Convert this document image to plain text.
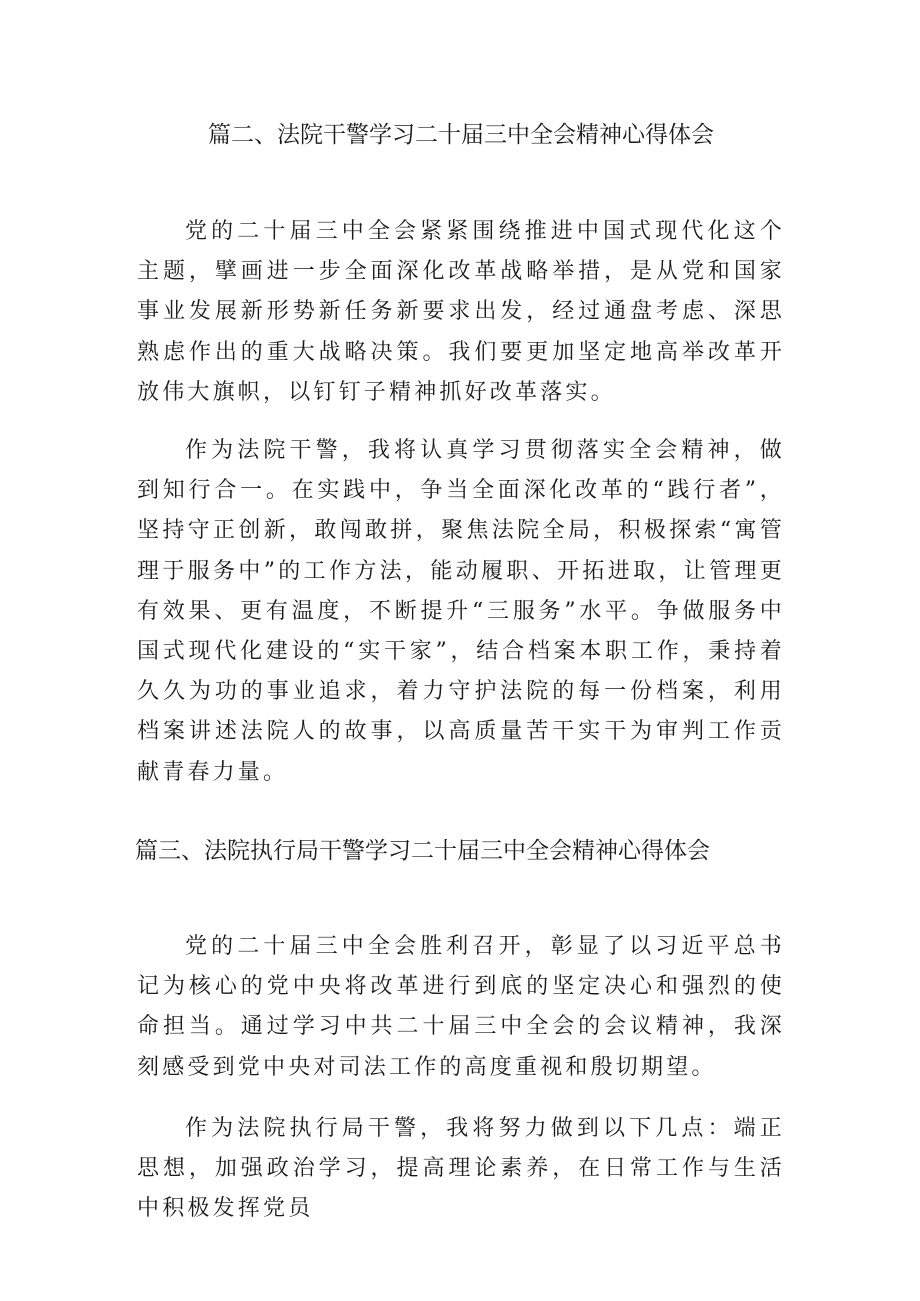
篇二、法院干警学习二十届三中全会精神心得体会

党的二十届三中全会紧紧围绕推进中国式现代化这个主题，擘画进一步全面深化改革战略举措，是从党和国家事业发展新形势新任务新要求出发，经过通盘考虑、深思熟虑作出的重大战略决策。我们要更加坚定地高举改革开放伟大旗帜，以钉钉子精神抓好改革落实。

作为法院干警，我将认真学习贯彻落实全会精神，做到知行合一。在实践中，争当全面深化改革的“践行者”，坚持守正创新，敢闯敢拼，聚焦法院全局，积极探索“寓管理于服务中”的工作方法，能动履职、开拓进取，让管理更有效果、更有温度，不断提升“三服务”水平。争做服务中国式现代化建设的“实干家”，结合档案本职工作，秉持着久久为功的事业追求，着力守护法院的每一份档案，利用档案讲述法院人的故事，以高质量苦干实干为审判工作贡献青春力量。

篇三、法院执行局干警学习二十届三中全会精神心得体会

党的二十届三中全会胜利召开，彰显了以习近平总书记为核心的党中央将改革进行到底的坚定决心和强烈的使命担当。通过学习中共二十届三中全会的会议精神，我深刻感受到党中央对司法工作的高度重视和殷切期望。

作为法院执行局干警，我将努力做到以下几点：端正思想，加强政治学习，提高理论素养，在日常工作与生活中积极发挥党员
